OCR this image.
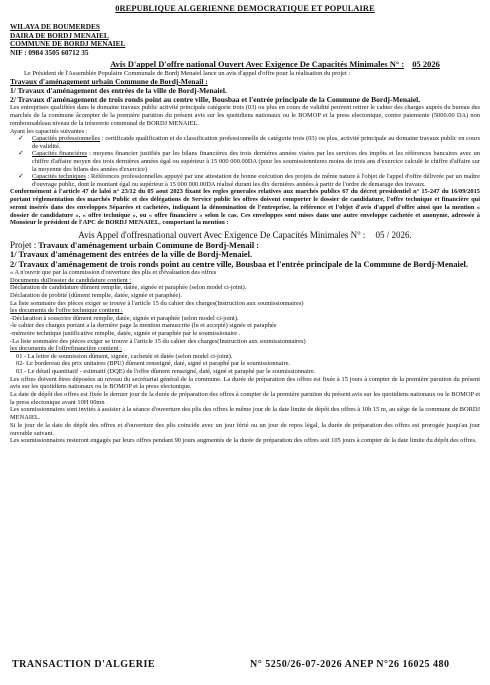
0REPUBLIQUE ALGERIENNE DEMOCRATIQUE ET POPULAIRE
WILAYA DE BOUMERDES
DAIRA DE BORDJ MENAIEL
COMMUNE DE BORDJ MENAIEL
NIF : 0984 3505 60712 35
Avis D'appel D'offre national Ouvert Avec Exigence De Capacités Minimales N° : 05 2026
Le Président de l'Assemblée Populaire Communale de Bordj Menaiel lance un avis d'appel d'offre pour la réalisation du projet :
Travaux d'aménagement urbain Commune de Bordj-Menail :
1/ Travaux d'aménagement des entrées de la ville de Bordj-Menaiel.
2/ Travaux d'aménagement de trois ronds point au centre ville, Bousbaa et l'entrée principale de la Commune de Bordj-Menaiel.
Les entreprises qualifiées dans le domaine travaux public activité principale catégorie trois (03) ou plus en cours de validité peuvent retirer le cahier des charges auprès du bureau des marchés de la commune âcompter de la premiére parution du présent avis sur les quotidiens nationaux ou le BOMOP et la press electonique, contre paiemente (5000.00 DA) non remboursableau niveau de la trésorerie communal de BORDJ MENAIEL.
Ayant les capacités suivantes :
✓ Capacités professionnelles : certificatde qualification et de classification professionnelle de catégorie trois (03) ou plus, activité principale au domaine travaux public en cours de validité.
✓ Capacités financières : moyens financier justifiés par les bilans financières des trois dernières années visées par les services des impôts et les références bancaires avec un chiffre d'affaire moyen des trois dernières années égal ou supérieur à 15 000 000.00DA (pour les soumissionnieres moins de trois ans d'exercice calculé le chiffre d'affaire sur la moyenne des bilans des années d'exercice)
✓ Capacités techniques : Références professionnelles appuyé par une attestation de bonne exécution des projets de même nature à l'objet de l'appel d'offre délivrée par un maître d'ouvrage public, dont le montant égal ou supérieur à 15 000 000.00DA réalisé durant les dix derniéres années à partir de l'ordre de demarage des travaux.
Conformément à l'article 47 de laloi n° 23/12 du 05 aout 2023 fixant les regles generales relatives aux marchés publics 67 du décret presidentiel n° 15-247 du 16/09/2015 portant réglementation des marchés Public et des délégations de Service public les offres doivent comporter le dossier de candidature, l'offre technique et financière qui seront insérés dans des enveloppes Séparées et cachetées, indiquant la dénomination de l'entreprise, la référence et l'objet d'avis d'appel d'offre ainsi que la mention « dossier de candidature », « offre technique », ou « offre financière » selon le cas. Ces enveloppes sont mises dans une autre enveloppe cachetée et anonyme, adressée à Monsieur le président de l'APC de BORDJ MENAIEL, comportant la mention :
Avis Appel d'offresnational ouvert Avec Exigence De Capacités Minimales N° : 05 / 2026.
Projet : Travaux d'aménagement urbain Commune de Bordj-Menail :
1/ Travaux d'aménagement des entrées de la ville de Bordj-Menaiel.
2/ Travaux d'aménagement de trois ronds point au centre ville, Bousbaa et l'entrée principale de la Commune de Bordj-Menaiel.
« A n'ouvrir que par la commission d'ouverture des plis et d'évaluation des offres
Documents duDossier de candidature contient :
Déclaration de candidature dûment remplie, datée, signée et paraphée (selon model ci-joint).
Déclaration de probité (dûment remplie, datée, signée et paraphée).
La liste sommaire des pièces exiger se trouve à l'article 15 du cahier des charges(Instruction aux soumissionnaires)
les documents de l'offre technique contient :
-Déclaration à souscrire dûment remplie, datée, signée et paraphée (selon model ci-joint).
-le cahier des charges portant a la dernière page la mention manuscrite (lu et accepté) signée et paraphée
-mémoire technique justificative remplie, datée, signée et paraphée par le soumissionaire .
-La liste sommaire des pièces exiger se trouve à l'article 15 du cahier des charges(Instruction aux soumissionnaires)
les documents de l'offrefinancière contient :
01 - La lettre de soumission dûment, signée, cachetée et datée (selon model ci-joint).
02- Le bordereau des prix unitaires (BPU) dûment renseigné, daté, signé et paraphé par le soumissionnaire.
03 - Le détail quantitatif - estimatif (DQE) de l'offre dûment renseigné, daté, signé et paraphé par le soumissionnaire.
Les offres doivent êtres déposées au niveau du secrétariat général de la commune. La durée de préparation des offres est fixée à 15 jours à compter de la première parution du présent avis sur les quotidiens nationaux ou le BOMOP et la press electonique.
La date de dépôt des offres est fixée le dernier jour de la durée de préparation des offres à compter de la première parution du présent avis sur les quotidiens nationaux ou le BOMOP et la press electonique avant 10H 00mn
Les soumissionnaires sont invités à assister à la séance d'ouverture des plis des offres le même jour de la date limite de dépôt des offres à 10h 15 m, au siège de la commune de BORDJ MENAIEL.
Si le jour de la date de dépôt des offres et d'ouverture des plis coincide avec un jour férié ou un jour de repos légal, la durée de préparation des offres est prorogée jusqu'au jour ouvrable suivant.
Les soumissionnaires resteront engagés par leurs offres pendant 90 jours augmentés de la durée de préparation des offres soit 105 jours à compter de la date limite du dépôt des offres.
TRANSACTION D'ALGERIE	N° 5250/26-07-2026 ANEP N°26 16025 480
